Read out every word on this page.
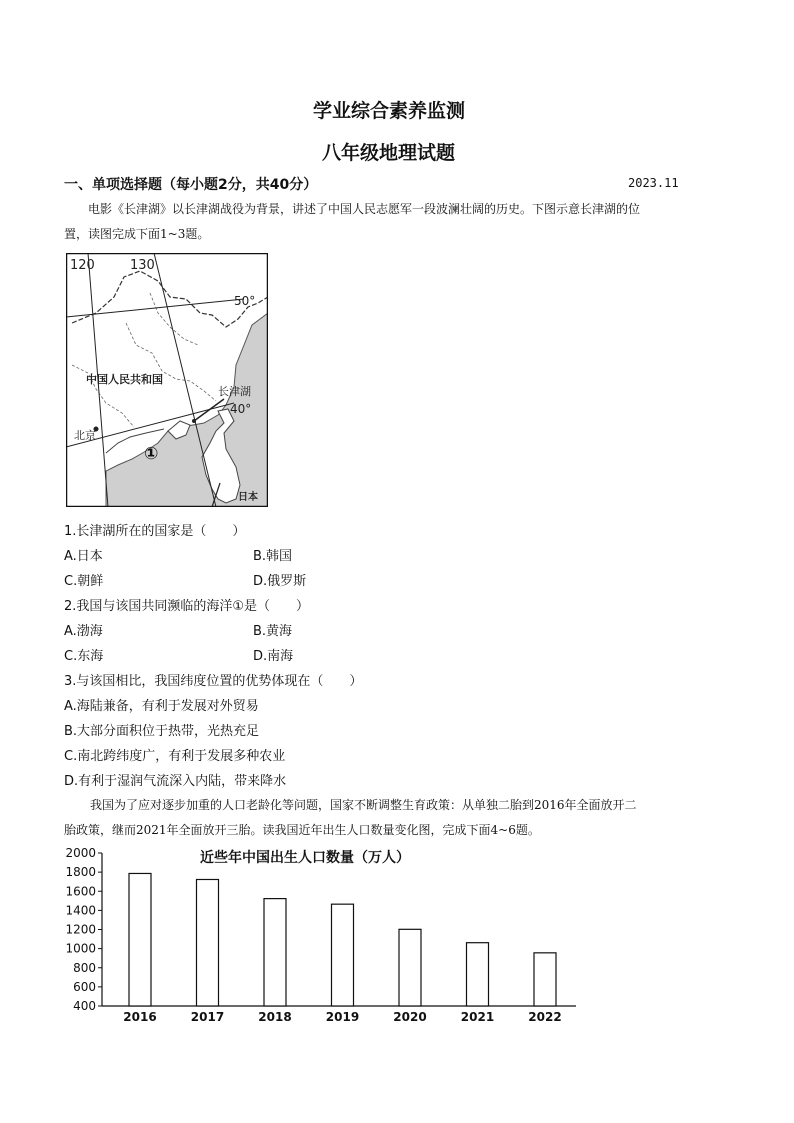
学业综合素养监测
八年级地理试题
一、单项选择题（每小题2分，共40分）	2023.11
电影《长津湖》以长津湖战役为背景，讲述了中国人民志愿军一段波澜壮阔的历史。下图示意长津湖的位
置，读图完成下面1~3题。
120	130
50°
40°
中国人民共和国
长津湖
北京
①
日本
1.长津湖所在的国家是（　　）
A.日本	B.韩国
C.朝鲜	D.俄罗斯
2.我国与该国共同濒临的海洋①是（　　）
A.渤海	B.黄海
C.东海	D.南海
3.与该国相比，我国纬度位置的优势体现在（　　）
A.海陆兼备，有利于发展对外贸易
B.大部分面积位于热带，光热充足
C.南北跨纬度广，有利于发展多种农业
D.有利于湿润气流深入内陆，带来降水
我国为了应对逐步加重的人口老龄化等问题，国家不断调整生育政策：从单独二胎到2016年全面放开二
胎政策，继而2021年全面放开三胎。读我国近年出生人口数量变化图，完成下面4~6题。
近些年中国出生人口数量（万人）
2000
1800
1600
1400
1200
1000
800
600
400
2016	2017	2018	2019	2020	2021	2022
